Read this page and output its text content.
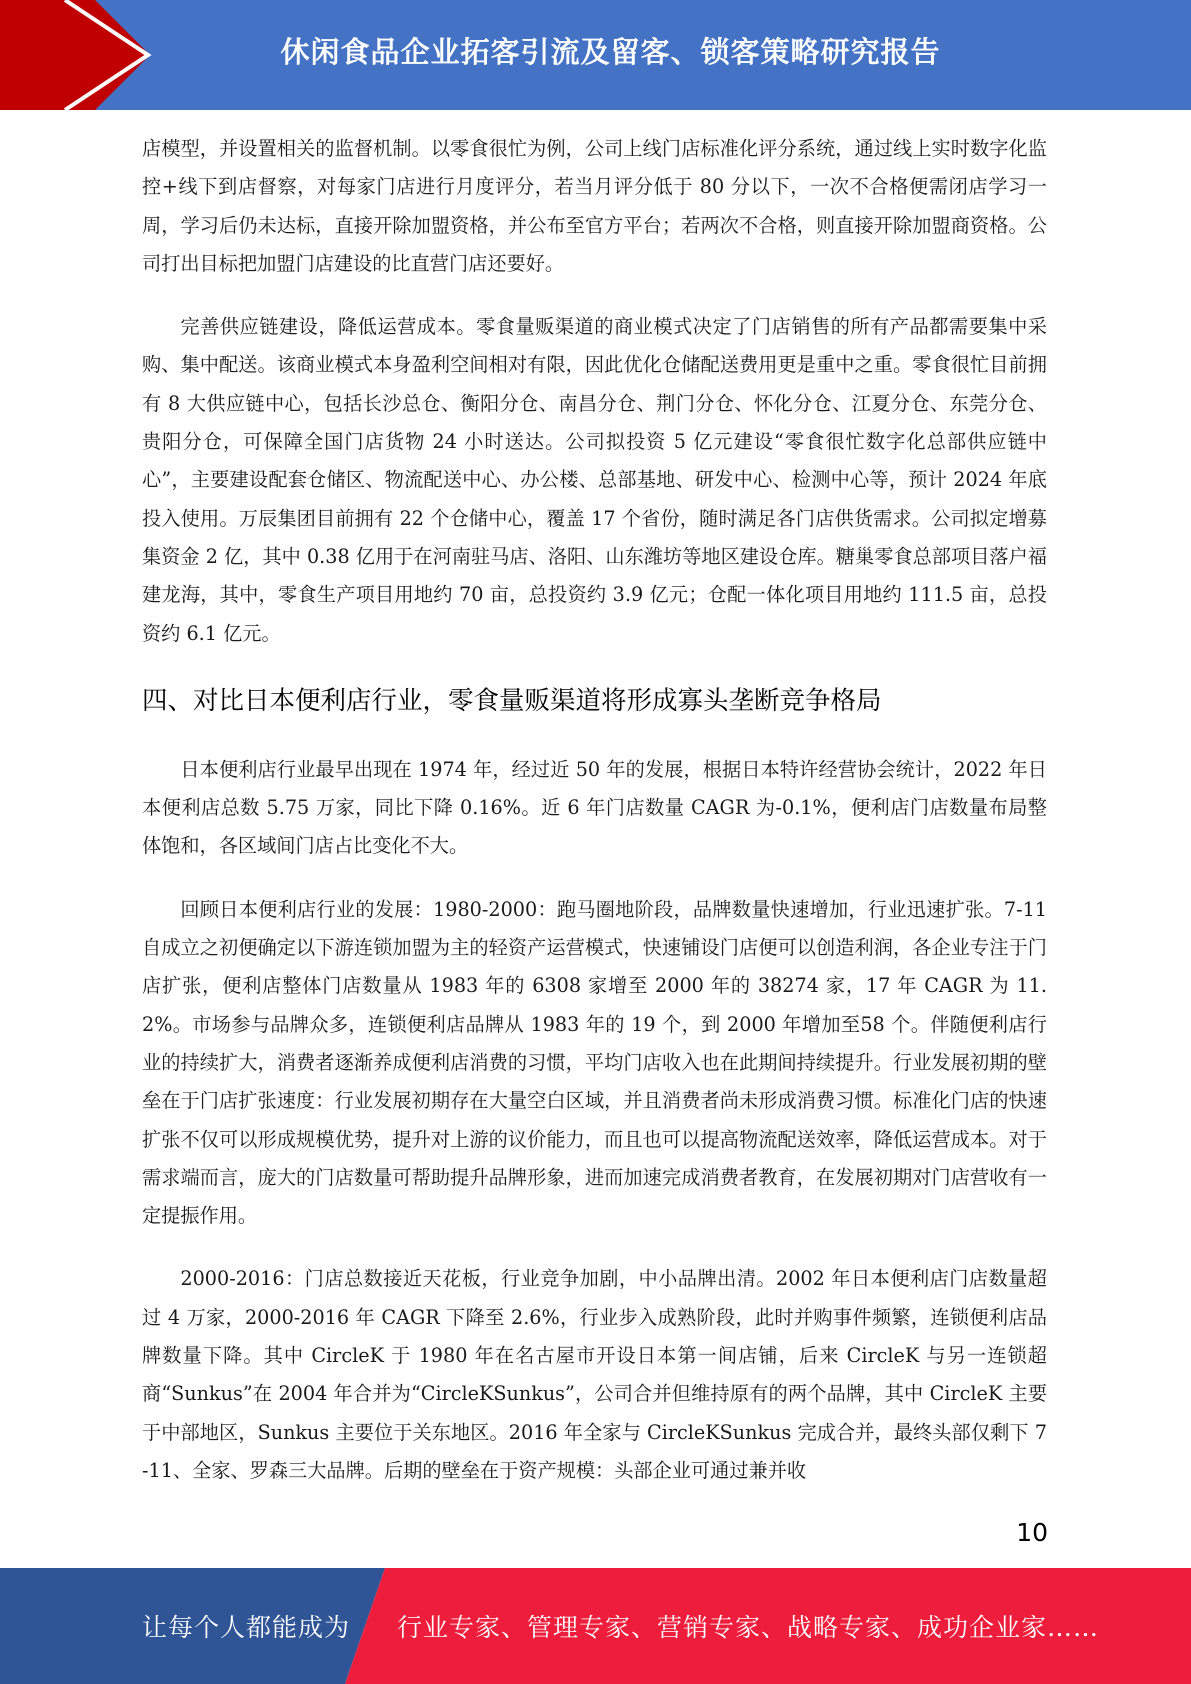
休闲食品企业拓客引流及留客、锁客策略研究报告

店模型，并设置相关的监督机制。以零食很忙为例，公司上线门店标准化评分系统，通过线上实时数字化监控+线下到店督察，对每家门店进行月度评分，若当月评分低于 80 分以下，一次不合格便需闭店学习一周，学习后仍未达标，直接开除加盟资格，并公布至官方平台；若两次不合格，则直接开除加盟商资格。公司打出目标把加盟门店建设的比直营门店还要好。

完善供应链建设，降低运营成本。零食量贩渠道的商业模式决定了门店销售的所有产品都需要集中采购、集中配送。该商业模式本身盈利空间相对有限，因此优化仓储配送费用更是重中之重。零食很忙目前拥有 8 大供应链中心，包括长沙总仓、衡阳分仓、南昌分仓、荆门分仓、怀化分仓、江夏分仓、东莞分仓、贵阳分仓，可保障全国门店货物 24 小时送达。公司拟投资 5 亿元建设“零食很忙数字化总部供应链中心”，主要建设配套仓储区、物流配送中心、办公楼、总部基地、研发中心、检测中心等，预计 2024 年底投入使用。万辰集团目前拥有 22 个仓储中心，覆盖 17 个省份，随时满足各门店供货需求。公司拟定增募集资金 2 亿，其中 0.38 亿用于在河南驻马店、洛阳、山东潍坊等地区建设仓库。糖巢零食总部项目落户福建龙海，其中，零食生产项目用地约 70 亩，总投资约 3.9 亿元；仓配一体化项目用地约 111.5 亩，总投资约 6.1 亿元。

四、对比日本便利店行业，零食量贩渠道将形成寡头垄断竞争格局

日本便利店行业最早出现在 1974 年，经过近 50 年的发展，根据日本特许经营协会统计，2022 年日本便利店总数 5.75 万家，同比下降 0.16%。近 6 年门店数量 CAGR 为-0.1%，便利店门店数量布局整体饱和，各区域间门店占比变化不大。

回顾日本便利店行业的发展：1980-2000：跑马圈地阶段，品牌数量快速增加，行业迅速扩张。7-11 自成立之初便确定以下游连锁加盟为主的轻资产运营模式，快速铺设门店便可以创造利润，各企业专注于门店扩张，便利店整体门店数量从 1983 年的 6308 家增至 2000 年的 38274 家，17 年 CAGR 为 11.2%。市场参与品牌众多，连锁便利店品牌从 1983 年的 19 个，到 2000 年增加至58 个。伴随便利店行业的持续扩大，消费者逐渐养成便利店消费的习惯，平均门店收入也在此期间持续提升。行业发展初期的壁垒在于门店扩张速度：行业发展初期存在大量空白区域，并且消费者尚未形成消费习惯。标准化门店的快速扩张不仅可以形成规模优势，提升对上游的议价能力，而且也可以提高物流配送效率，降低运营成本。对于需求端而言，庞大的门店数量可帮助提升品牌形象，进而加速完成消费者教育，在发展初期对门店营收有一定提振作用。

2000-2016：门店总数接近天花板，行业竞争加剧，中小品牌出清。2002 年日本便利店门店数量超过 4 万家，2000-2016 年 CAGR 下降至 2.6%，行业步入成熟阶段，此时并购事件频繁，连锁便利店品牌数量下降。其中 CircleK 于 1980 年在名古屋市开设日本第一间店铺，后来 CircleK 与另一连锁超商“Sunkus”在 2004 年合并为“CircleKSunkus”，公司合并但维持原有的两个品牌，其中 CircleK 主要于中部地区，Sunkus 主要位于关东地区。2016 年全家与 CircleKSunkus 完成合并，最终头部仅剩下 7-11、全家、罗森三大品牌。后期的壁垒在于资产规模：头部企业可通过兼并收

10
让每个人都能成为 行业专家、管理专家、营销专家、战略专家、成功企业家……
